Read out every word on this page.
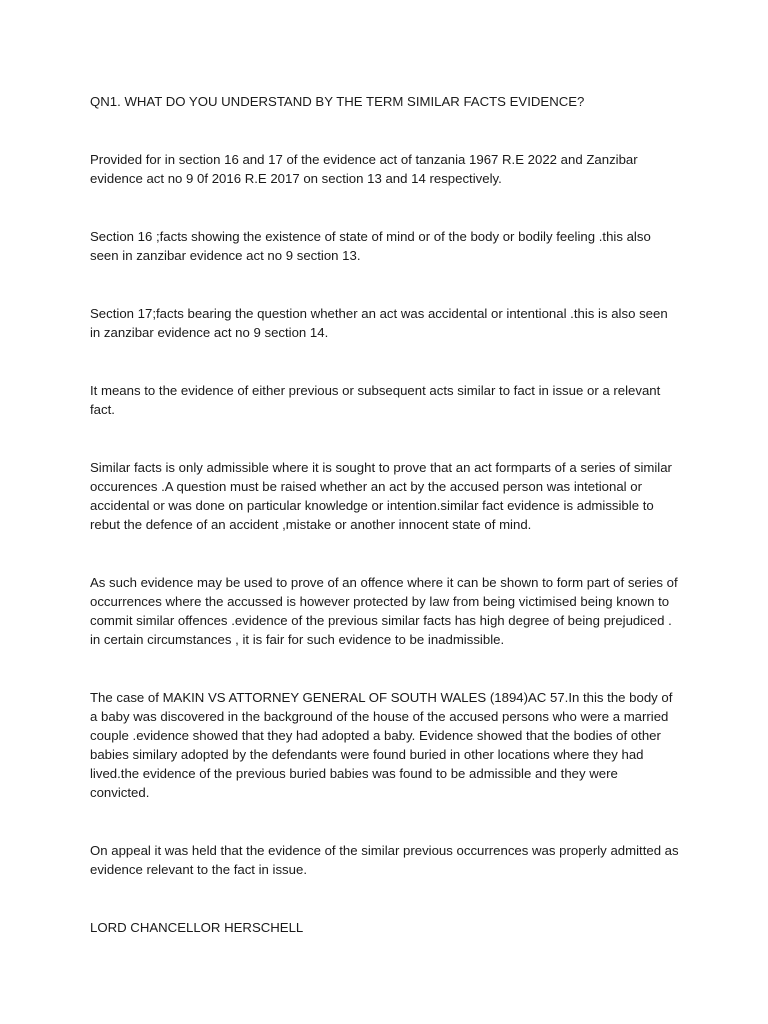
QN1. WHAT DO YOU UNDERSTAND BY THE TERM SIMILAR FACTS EVIDENCE?

Provided for in section 16 and 17 of the evidence act of tanzania 1967 R.E 2022 and Zanzibar evidence act no 9 0f 2016 R.E 2017 on section 13 and 14 respectively.

Section 16 ;facts showing the existence of state of mind or of the body or bodily feeling .this also seen in zanzibar evidence act no 9 section 13.

Section 17;facts bearing the question whether an act was accidental or intentional .this is also seen in zanzibar evidence act no 9 section 14.

It means to the evidence of either previous or subsequent acts similar to fact in issue or a relevant fact.

Similar facts is only admissible where it is sought to prove that an act formparts of a series of similar occurences .A question must be raised whether an act by the accused person was intetional or accidental or was done on particular knowledge or intention.similar fact evidence is admissible to rebut the defence of an accident ,mistake or another innocent state of mind.

As such evidence may be used to prove of an offence where it can be shown to form part of series of occurrences where the accussed is however protected by law from being victimised being known to commit similar offences .evidence of the previous similar facts has high degree of being prejudiced . in certain circumstances , it is fair for such evidence to be inadmissible.

The case of MAKIN VS ATTORNEY GENERAL OF SOUTH WALES (1894)AC 57.In this the body of a baby was discovered in the background of the house of the accused persons who were a married couple .evidence showed that they had adopted a baby. Evidence showed that the bodies of other babies similary adopted by the defendants were found buried in other locations where they had lived.the evidence of the previous buried babies was found to be admissible and they were convicted.

On appeal it was held that the evidence of the similar previous occurrences was properly admitted as evidence relevant to the fact in issue.

LORD CHANCELLOR HERSCHELL
